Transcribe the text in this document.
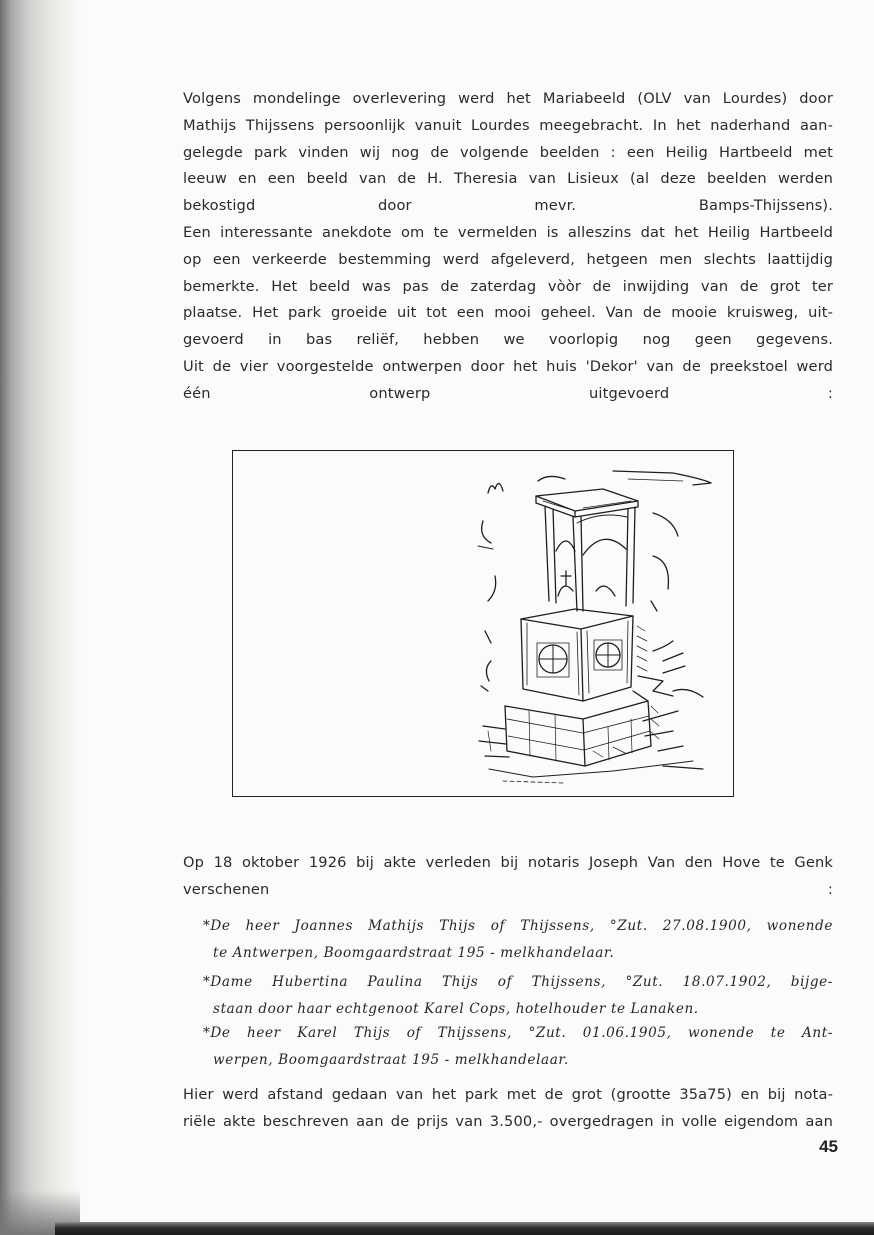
Volgens mondelinge overlevering werd het Mariabeeld (OLV van Lourdes) door
Mathijs Thijssens persoonlijk vanuit Lourdes meegebracht. In het naderhand aan-
gelegde park vinden wij nog de volgende beelden : een Heilig Hartbeeld met
leeuw en een beeld van de H. Theresia van Lisieux (al deze beelden werden
bekostigd door mevr. Bamps-Thijssens).
Een interessante anekdote om te vermelden is alleszins dat het Heilig Hartbeeld
op een verkeerde bestemming werd afgeleverd, hetgeen men slechts laattijdig
bemerkte. Het beeld was pas de zaterdag vòòr de inwijding van de grot ter
plaatse. Het park groeide uit tot een mooi geheel. Van de mooie kruisweg, uit-
gevoerd in bas reliëf, hebben we voorlopig nog geen gegevens.
Uit de vier voorgestelde ontwerpen door het huis 'Dekor' van de preekstoel werd
één ontwerp uitgevoerd :
Op 18 oktober 1926 bij akte verleden bij notaris Joseph Van den Hove te Genk
verschenen :
*De heer Joannes Mathijs Thijs of Thijssens, °Zut. 27.08.1900, wonende
te Antwerpen, Boomgaardstraat 195 - melkhandelaar.
*Dame Hubertina Paulina Thijs of Thijssens, °Zut. 18.07.1902, bijge-
staan door haar echtgenoot Karel Cops, hotelhouder te Lanaken.
*De heer Karel Thijs of Thijssens, °Zut. 01.06.1905, wonende te Ant-
werpen, Boomgaardstraat 195 - melkhandelaar.
Hier werd afstand gedaan van het park met de grot (grootte 35a75) en bij nota-
riële akte beschreven aan de prijs van 3.500,- overgedragen in volle eigendom aan
45
